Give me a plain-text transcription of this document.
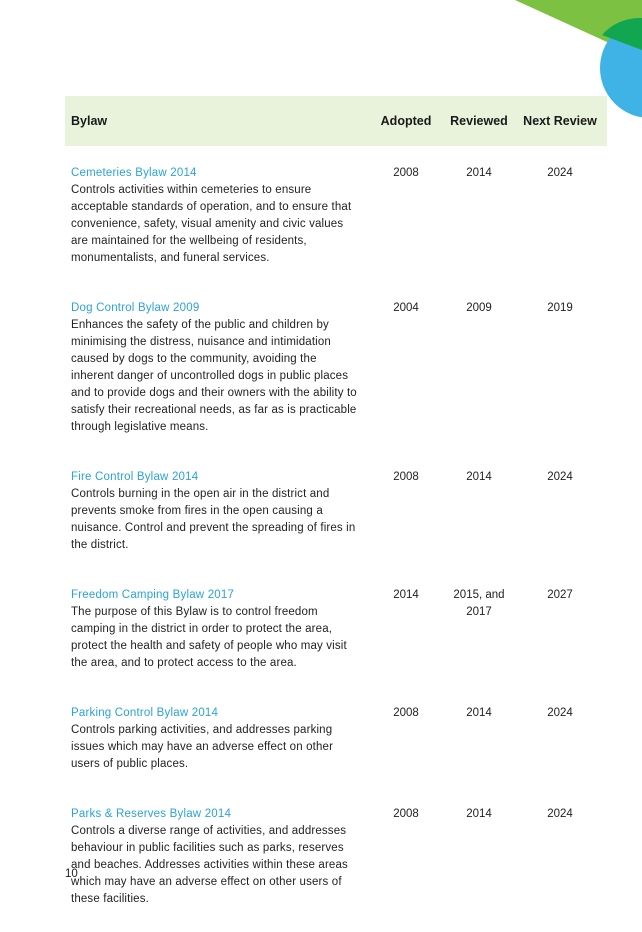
Bylaw	Adopted	Reviewed	Next Review

Cemeteries Bylaw 2014
Controls activities within cemeteries to ensure acceptable standards of operation, and to ensure that convenience, safety, visual amenity and civic values are maintained for the wellbeing of residents, monumentalists, and funeral services.	2008	2014	2024

Dog Control Bylaw 2009
Enhances the safety of the public and children by minimising the distress, nuisance and intimidation caused by dogs to the community, avoiding the inherent danger of uncontrolled dogs in public places and to provide dogs and their owners with the ability to satisfy their recreational needs, as far as is practicable through legislative means.	2004	2009	2019

Fire Control Bylaw 2014
Controls burning in the open air in the district and prevents smoke from fires in the open causing a nuisance. Control and prevent the spreading of fires in the district.	2008	2014	2024

Freedom Camping Bylaw 2017
The purpose of this Bylaw is to control freedom camping in the district in order to protect the area, protect the health and safety of people who may visit the area, and to protect access to the area.	2014	2015, and 2017	2027

Parking Control Bylaw 2014
Controls parking activities, and addresses parking issues which may have an adverse effect on other users of public places.	2008	2014	2024

Parks & Reserves Bylaw 2014
Controls a diverse range of activities, and addresses behaviour in public facilities such as parks, reserves and beaches. Addresses activities within these areas which may have an adverse effect on other users of these facilities.	2008	2014	2024
10
